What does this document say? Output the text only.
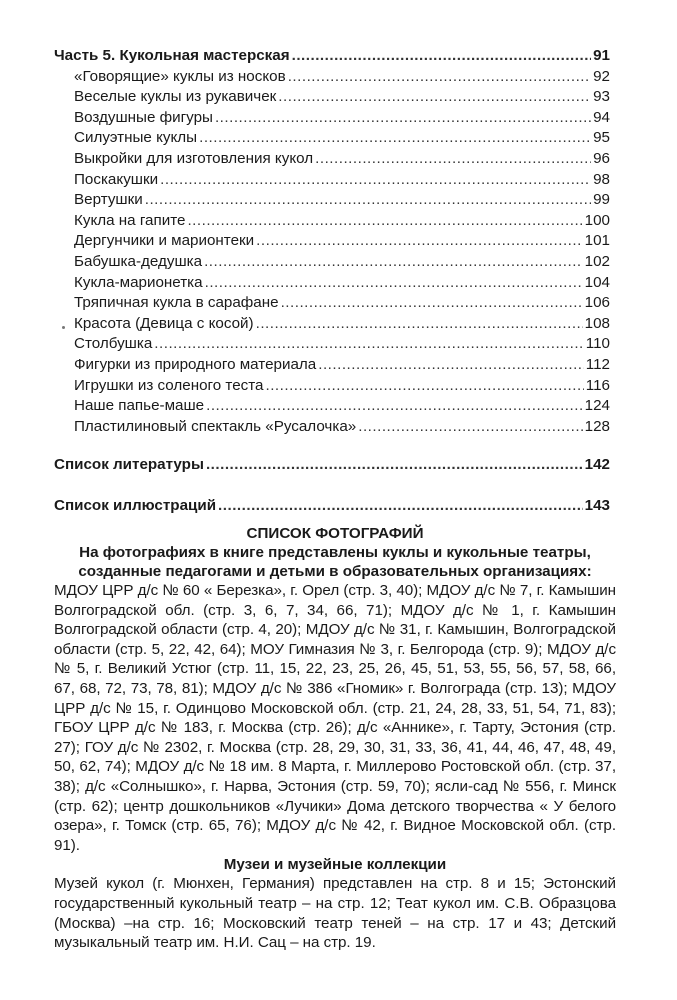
Часть 5. Кукольная мастерская .....	91
«Говорящие» куклы из носков .....	92
Веселые куклы из рукавичек .....	93
Воздушные фигуры .....	94
Силуэтные куклы .....	95
Выкройки для изготовления кукол .....	96
Поскакушки .....	98
Вертушки .....	99
Кукла на гапите .....	100
Дергунчики и мариοнтеки .....	101
Бабушка-дедушка .....	102
Кукла-марионетка .....	104
Тряпичная кукла в сарафане .....	106
Красота (Девица с косой) .....	108
Столбушка .....	110
Фигурки из природного материала .....	112
Игрушки из соленого теста .....	116
Наше папье-маше .....	124
Пластилиновый спектакль «Русалочка» .....	128
Список литературы .....	142
Список иллюстраций .....	143

СПИСОК ФОТОГРАФИЙ

На фотографиях в книге представлены куклы и кукольные театры, созданные педагогами и детьми в образовательных организациях:

МДОУ ЦРР д/с № 60 « Березка», г. Орел (стр. 3, 40); МДОУ д/с № 7, г. Камышин Волгоградской обл. (стр. 3, 6, 7, 34, 66, 71); МДОУ д/с № 1, г. Камышин Волгоградской области (стр. 4, 20); МДОУ д/с № 31, г. Камышин, Волгоградской области (стр. 5, 22, 42, 64); МОУ Гимназия № 3, г. Белгорода (стр. 9); МДОУ д/с № 5, г. Великий Устюг (стр. 11, 15, 22, 23, 25, 26, 45, 51, 53, 55, 56, 57, 58, 66, 67, 68, 72, 73, 78, 81); МДОУ д/с № 386 «Гномик» г. Волгограда (стр. 13); МДОУ ЦРР д/с № 15, г. Одинцово Московской обл. (стр. 21, 24, 28, 33, 51, 54, 71, 83); ГБОУ ЦРР д/с № 183, г. Москва (стр. 26); д/с «Анникe», г. Тарту, Эстония (стр. 27); ГОУ д/с № 2302, г. Москва (стр. 28, 29, 30, 31, 33, 36, 41, 44, 46, 47, 48, 49, 50, 62, 74); МДОУ д/с № 18 им. 8 Марта, г. Миллерово Ростовской обл. (стр. 37, 38); д/с «Солнышко», г. Нарва, Эстония (стр. 59, 70); ясли-сад № 556, г. Минск (стр. 62); центр дошкольников «Лучики» Дома детского творчества « У белого озера», г. Томск (стр. 65, 76); МДОУ д/с № 42, г. Видное Московской обл. (стр. 91).

Музеи и музейные коллекции

Музей кукол (г. Мюнхен, Германия) представлен на стр. 8 и 15; Эстонский государственный кукольный театр – на стр. 12; Теат кукол им. С.В. Образцова (Москва) –на стр. 16; Московский театр теней – на стр. 17 и 43; Детский музыкальный театр им. Н.И. Сац – на стр. 19.
